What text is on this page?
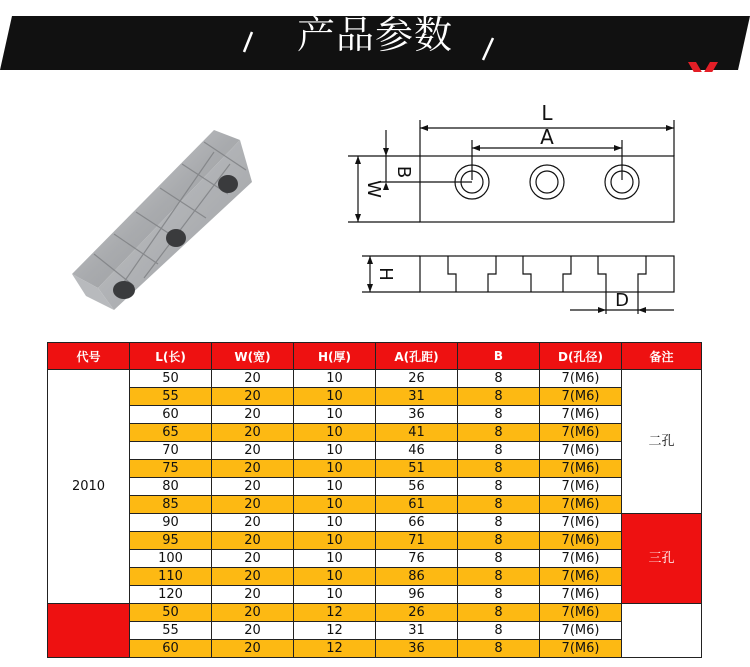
产品参数
L
A
B
W
H
D
代号	L(长)	W(宽)	H(厚)	A(孔距)	B	D(孔径)	备注
2010	50	20	10	26	8	7(M6)	二孔
	55	20	10	31	8	7(M6)	
	60	20	10	36	8	7(M6)	
	65	20	10	41	8	7(M6)	
	70	20	10	46	8	7(M6)	
	75	20	10	51	8	7(M6)	
	80	20	10	56	8	7(M6)	
	85	20	10	61	8	7(M6)	
	90	20	10	66	8	7(M6)	三孔
	95	20	10	71	8	7(M6)	
	100	20	10	76	8	7(M6)	
	110	20	10	86	8	7(M6)	
	120	20	10	96	8	7(M6)	
	50	20	12	26	8	7(M6)	
	55	20	12	31	8	7(M6)	
	60	20	12	36	8	7(M6)	
